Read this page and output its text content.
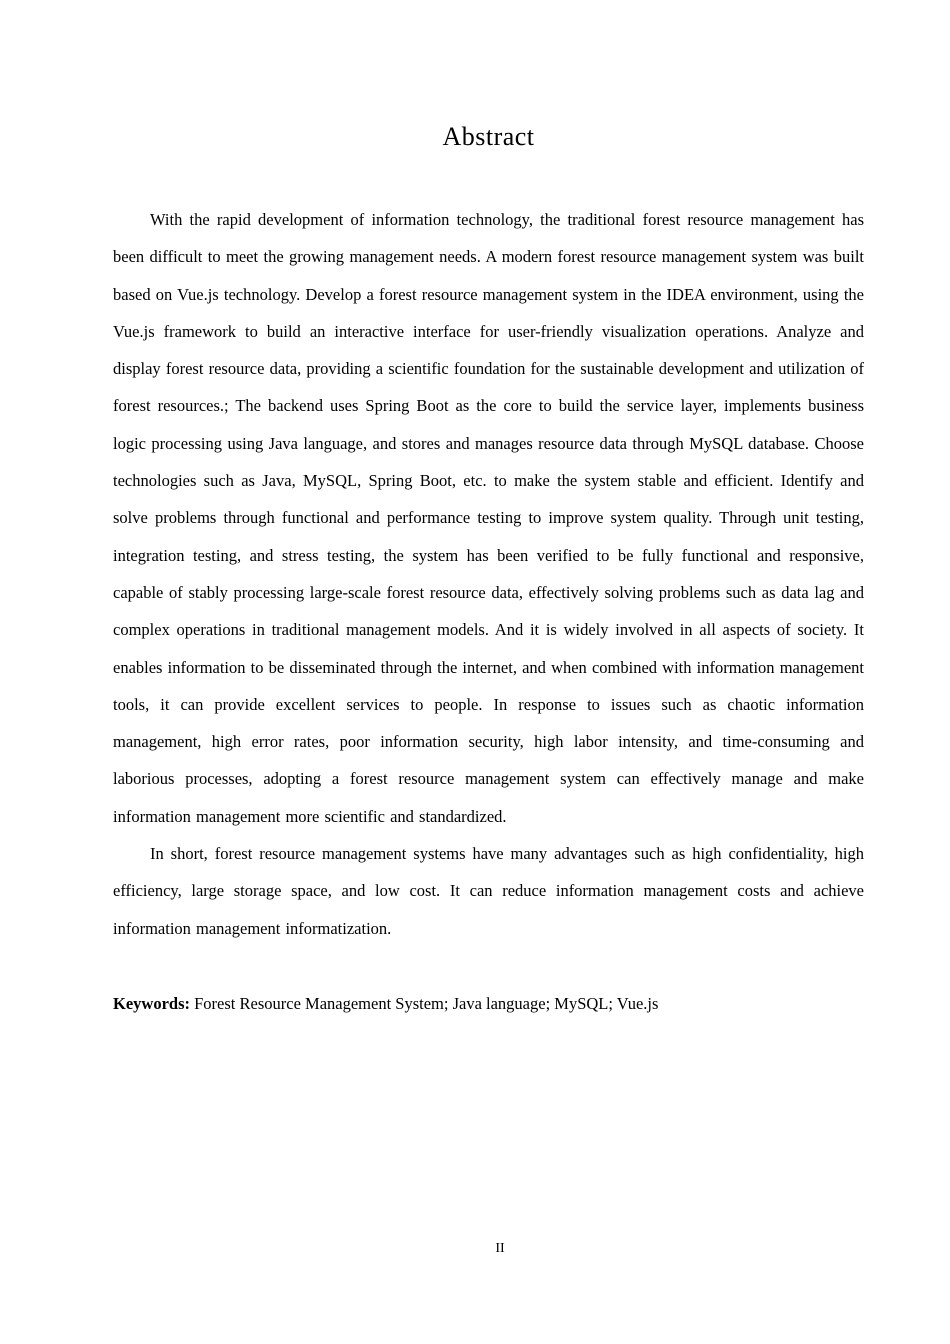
Abstract

With the rapid development of information technology, the traditional forest resource management has been difficult to meet the growing management needs. A modern forest resource management system was built based on Vue.js technology. Develop a forest resource management system in the IDEA environment, using the Vue.js framework to build an interactive interface for user-friendly visualization operations. Analyze and display forest resource data, providing a scientific foundation for the sustainable development and utilization of forest resources.; The backend uses Spring Boot as the core to build the service layer, implements business logic processing using Java language, and stores and manages resource data through MySQL database. Choose technologies such as Java, MySQL, Spring Boot, etc. to make the system stable and efficient. Identify and solve problems through functional and performance testing to improve system quality. Through unit testing, integration testing, and stress testing, the system has been verified to be fully functional and responsive, capable of stably processing large-scale forest resource data, effectively solving problems such as data lag and complex operations in traditional management models. And it is widely involved in all aspects of society. It enables information to be disseminated through the internet, and when combined with information management tools, it can provide excellent services to people. In response to issues such as chaotic information management, high error rates, poor information security, high labor intensity, and time-consuming and laborious processes, adopting a forest resource management system can effectively manage and make information management more scientific and standardized.

In short, forest resource management systems have many advantages such as high confidentiality, high efficiency, large storage space, and low cost. It can reduce information management costs and achieve information management informatization.

Keywords: Forest Resource Management System; Java language; MySQL; Vue.js

II
